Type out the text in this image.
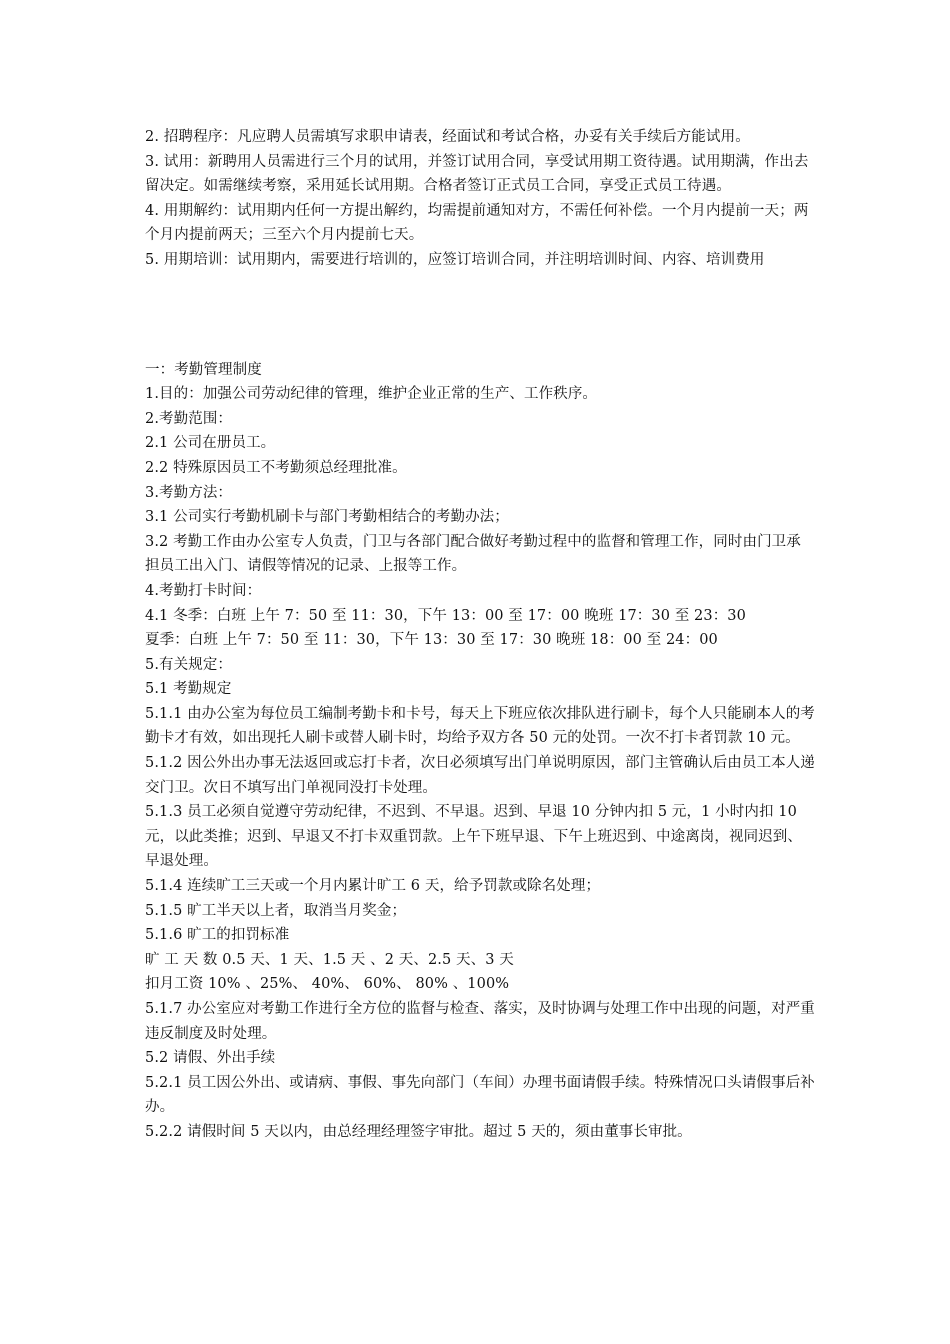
2. 招聘程序：凡应聘人员需填写求职申请表，经面试和考试合格，办妥有关手续后方能试用。

3. 试用：新聘用人员需进行三个月的试用，并签订试用合同，享受试用期工资待遇。试用期满，作出去留决定。如需继续考察，采用延长试用期。合格者签订正式员工合同，享受正式员工待遇。

4. 用期解约：试用期内任何一方提出解约，均需提前通知对方，不需任何补偿。一个月内提前一天；两个月内提前两天；三至六个月内提前七天。

5. 用期培训：试用期内，需要进行培训的，应签订培训合同，并注明培训时间、内容、培训费用

一：考勤管理制度

1.目的：加强公司劳动纪律的管理，维护企业正常的生产、工作秩序。

2.考勤范围：

2.1 公司在册员工。

2.2 特殊原因员工不考勤须总经理批准。

3.考勤方法：

3.1 公司实行考勤机刷卡与部门考勤相结合的考勤办法；

3.2 考勤工作由办公室专人负责，门卫与各部门配合做好考勤过程中的监督和管理工作，同时由门卫承担员工出入门、请假等情况的记录、上报等工作。

4.考勤打卡时间：

4.1 冬季：白班 上午 7：50 至 11：30，下午 13：00 至 17：00 晚班 17：30 至 23：30

夏季：白班 上午 7：50 至 11：30，下午 13：30 至 17：30 晚班 18：00 至 24：00

5.有关规定：

5.1 考勤规定

5.1.1 由办公室为每位员工编制考勤卡和卡号，每天上下班应依次排队进行刷卡，每个人只能刷本人的考勤卡才有效，如出现托人刷卡或替人刷卡时，均给予双方各 50 元的处罚。一次不打卡者罚款 10 元。

5.1.2 因公外出办事无法返回或忘打卡者，次日必须填写出门单说明原因，部门主管确认后由员工本人递交门卫。次日不填写出门单视同没打卡处理。

5.1.3 员工必须自觉遵守劳动纪律，不迟到、不早退。迟到、早退 10 分钟内扣 5 元，1 小时内扣 10 元，以此类推；迟到、早退又不打卡双重罚款。上午下班早退、下午上班迟到、中途离岗，视同迟到、早退处理。

5.1.4 连续旷工三天或一个月内累计旷工 6 天，给予罚款或除名处理；

5.1.5 旷工半天以上者，取消当月奖金；

5.1.6 旷工的扣罚标准

旷 工 天 数 0.5 天、1 天、1.5 天 、2 天、2.5 天、3 天

扣月工资 10% 、25%、 40%、 60%、 80% 、100%

5.1.7 办公室应对考勤工作进行全方位的监督与检查、落实，及时协调与处理工作中出现的问题，对严重违反制度及时处理。

5.2 请假、外出手续

5.2.1 员工因公外出、或请病、事假、事先向部门（车间）办理书面请假手续。特殊情况口头请假事后补办。

5.2.2 请假时间 5 天以内，由总经理经理签字审批。超过 5 天的，须由董事长审批。
